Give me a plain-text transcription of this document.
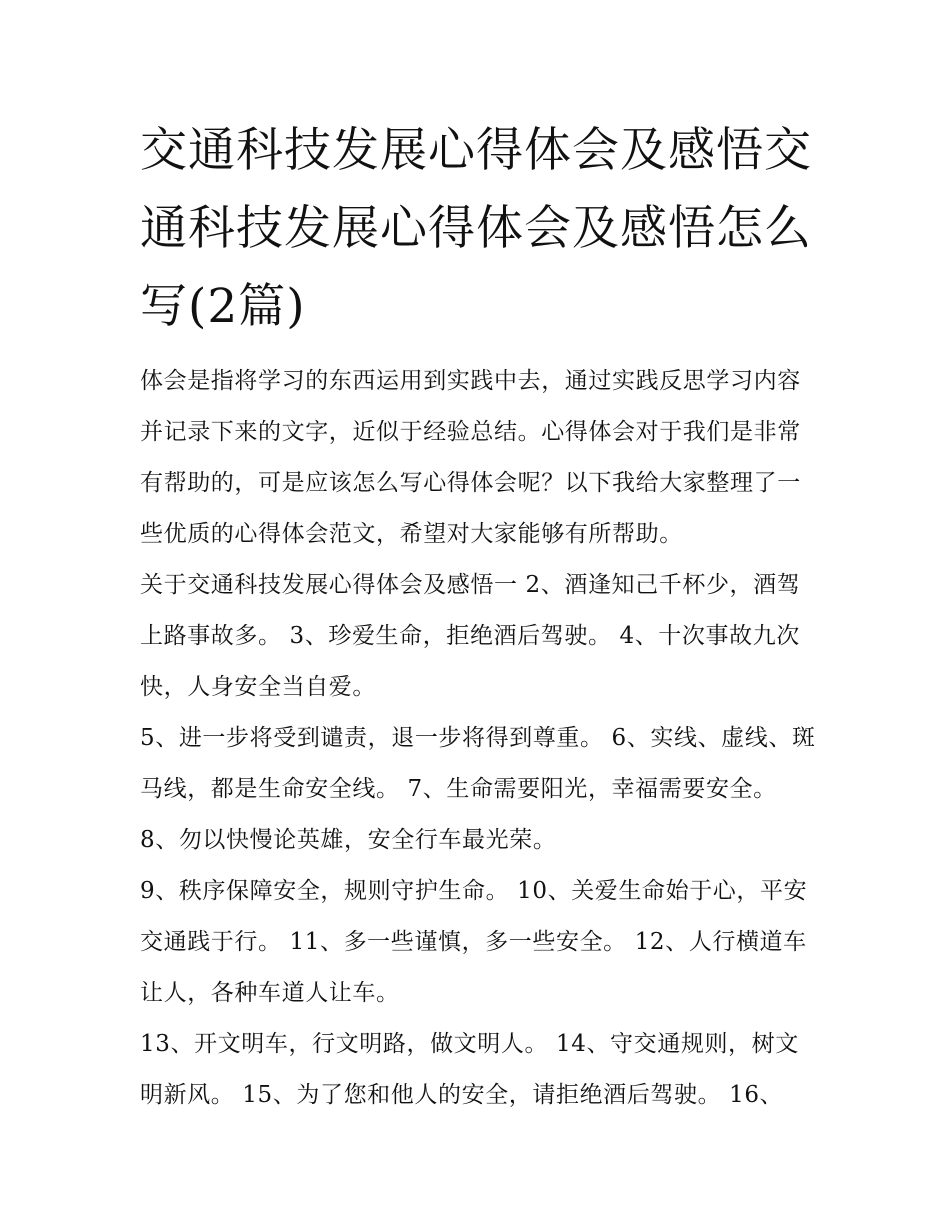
交通科技发展心得体会及感悟交通科技发展心得体会及感悟怎么写(2篇)

体会是指将学习的东西运用到实践中去，通过实践反思学习内容并记录下来的文字，近似于经验总结。心得体会对于我们是非常有帮助的，可是应该怎么写心得体会呢？以下我给大家整理了一些优质的心得体会范文，希望对大家能够有所帮助。

关于交通科技发展心得体会及感悟一 2、酒逢知己千杯少，酒驾上路事故多。 3、珍爱生命，拒绝酒后驾驶。 4、十次事故九次快，人身安全当自爱。

5、进一步将受到谴责，退一步将得到尊重。 6、实线、虚线、斑马线，都是生命安全线。 7、生命需要阳光，幸福需要安全。 8、勿以快慢论英雄，安全行车最光荣。

9、秩序保障安全，规则守护生命。 10、关爱生命始于心，平安交通践于行。 11、多一些谨慎，多一些安全。 12、人行横道车让人，各种车道人让车。

13、开文明车，行文明路，做文明人。 14、守交通规则，树文明新风。 15、为了您和他人的安全，请拒绝酒后驾驶。 16、
